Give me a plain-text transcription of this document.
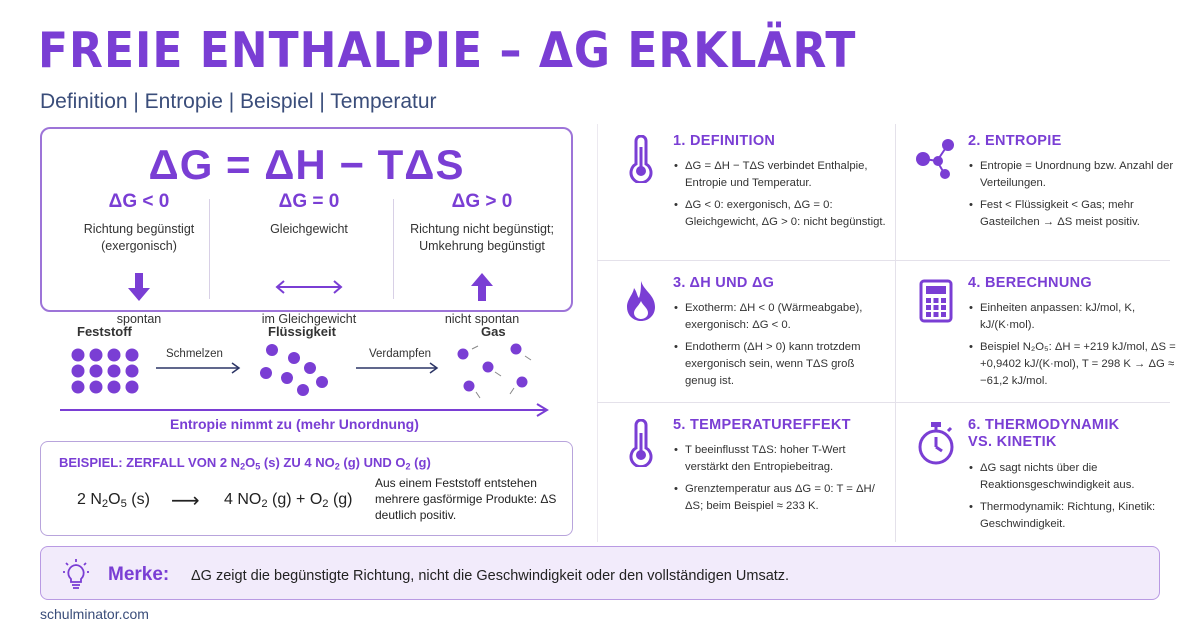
FREIE ENTHALPIE – ΔG ERKLÄRT
Definition | Entropie | Beispiel | Temperatur
ΔG = ΔH − TΔS
ΔG < 0
Richtung begünstigt (exergonisch)
spontan
ΔG = 0
Gleichgewicht
im Gleichgewicht
ΔG > 0
Richtung nicht begünstigt; Umkehrung begünstigt
nicht spontan
Feststoff	Flüssigkeit	Gas
Schmelzen	Verdampfen
Entropie nimmt zu (mehr Unordnung)
BEISPIEL: ZERFALL VON 2 $N_2O_5$ (s) ZU 4 $NO_2$ (g) UND $O_2$ (g)
2 $N_2O_5$ (s) ⟶ 4 $NO_2$ $(g) + O_2$ (g)
Aus einem Feststoff entstehen mehrere gasförmige Produkte: ΔS deutlich positiv.
1. DEFINITION
• ΔG = ΔH − TΔS verbindet Enthalpie, Entropie und Temperatur.
• ΔG < 0: exergonisch, ΔG = 0: Gleichgewicht, ΔG > 0: nicht begünstigt.
2. ENTROPIE
• Entropie = Unordnung bzw. Anzahl der Verteilungen.
• Fest < Flüssigkeit < Gas; mehr Gasteilchen → ΔS meist positiv.
3. ΔH UND ΔG
• Exotherm: ΔH < 0 (Wärmeabgabe), exergonisch: ΔG < 0.
• Endotherm (ΔH > 0) kann trotzdem exergonisch sein, wenn TΔS groß genug ist.
4. BERECHNUNG
• Einheiten anpassen: kJ/mol, K, kJ/(K·mol).
• Beispiel N₂O₅: ΔH = +219 kJ/mol, ΔS = +0,9402 kJ/(K·mol), T = 298 K → ΔG ≈ −61,2 kJ/mol.
5. TEMPERATUREFFEKT
• T beeinflusst TΔS: hoher T-Wert verstärkt den Entropiebeitrag.
• Grenztemperatur aus ΔG = 0: T = ΔH/ΔS; beim Beispiel ≈ 233 K.
6. THERMODYNAMIK
VS. KINETIK
• ΔG sagt nichts über die Reaktionsgeschwindigkeit aus.
• Thermodynamik: Richtung, Kinetik: Geschwindigkeit.
Merke: ΔG zeigt die begünstigte Richtung, nicht die Geschwindigkeit oder den vollständigen Umsatz.
schulminator.com
